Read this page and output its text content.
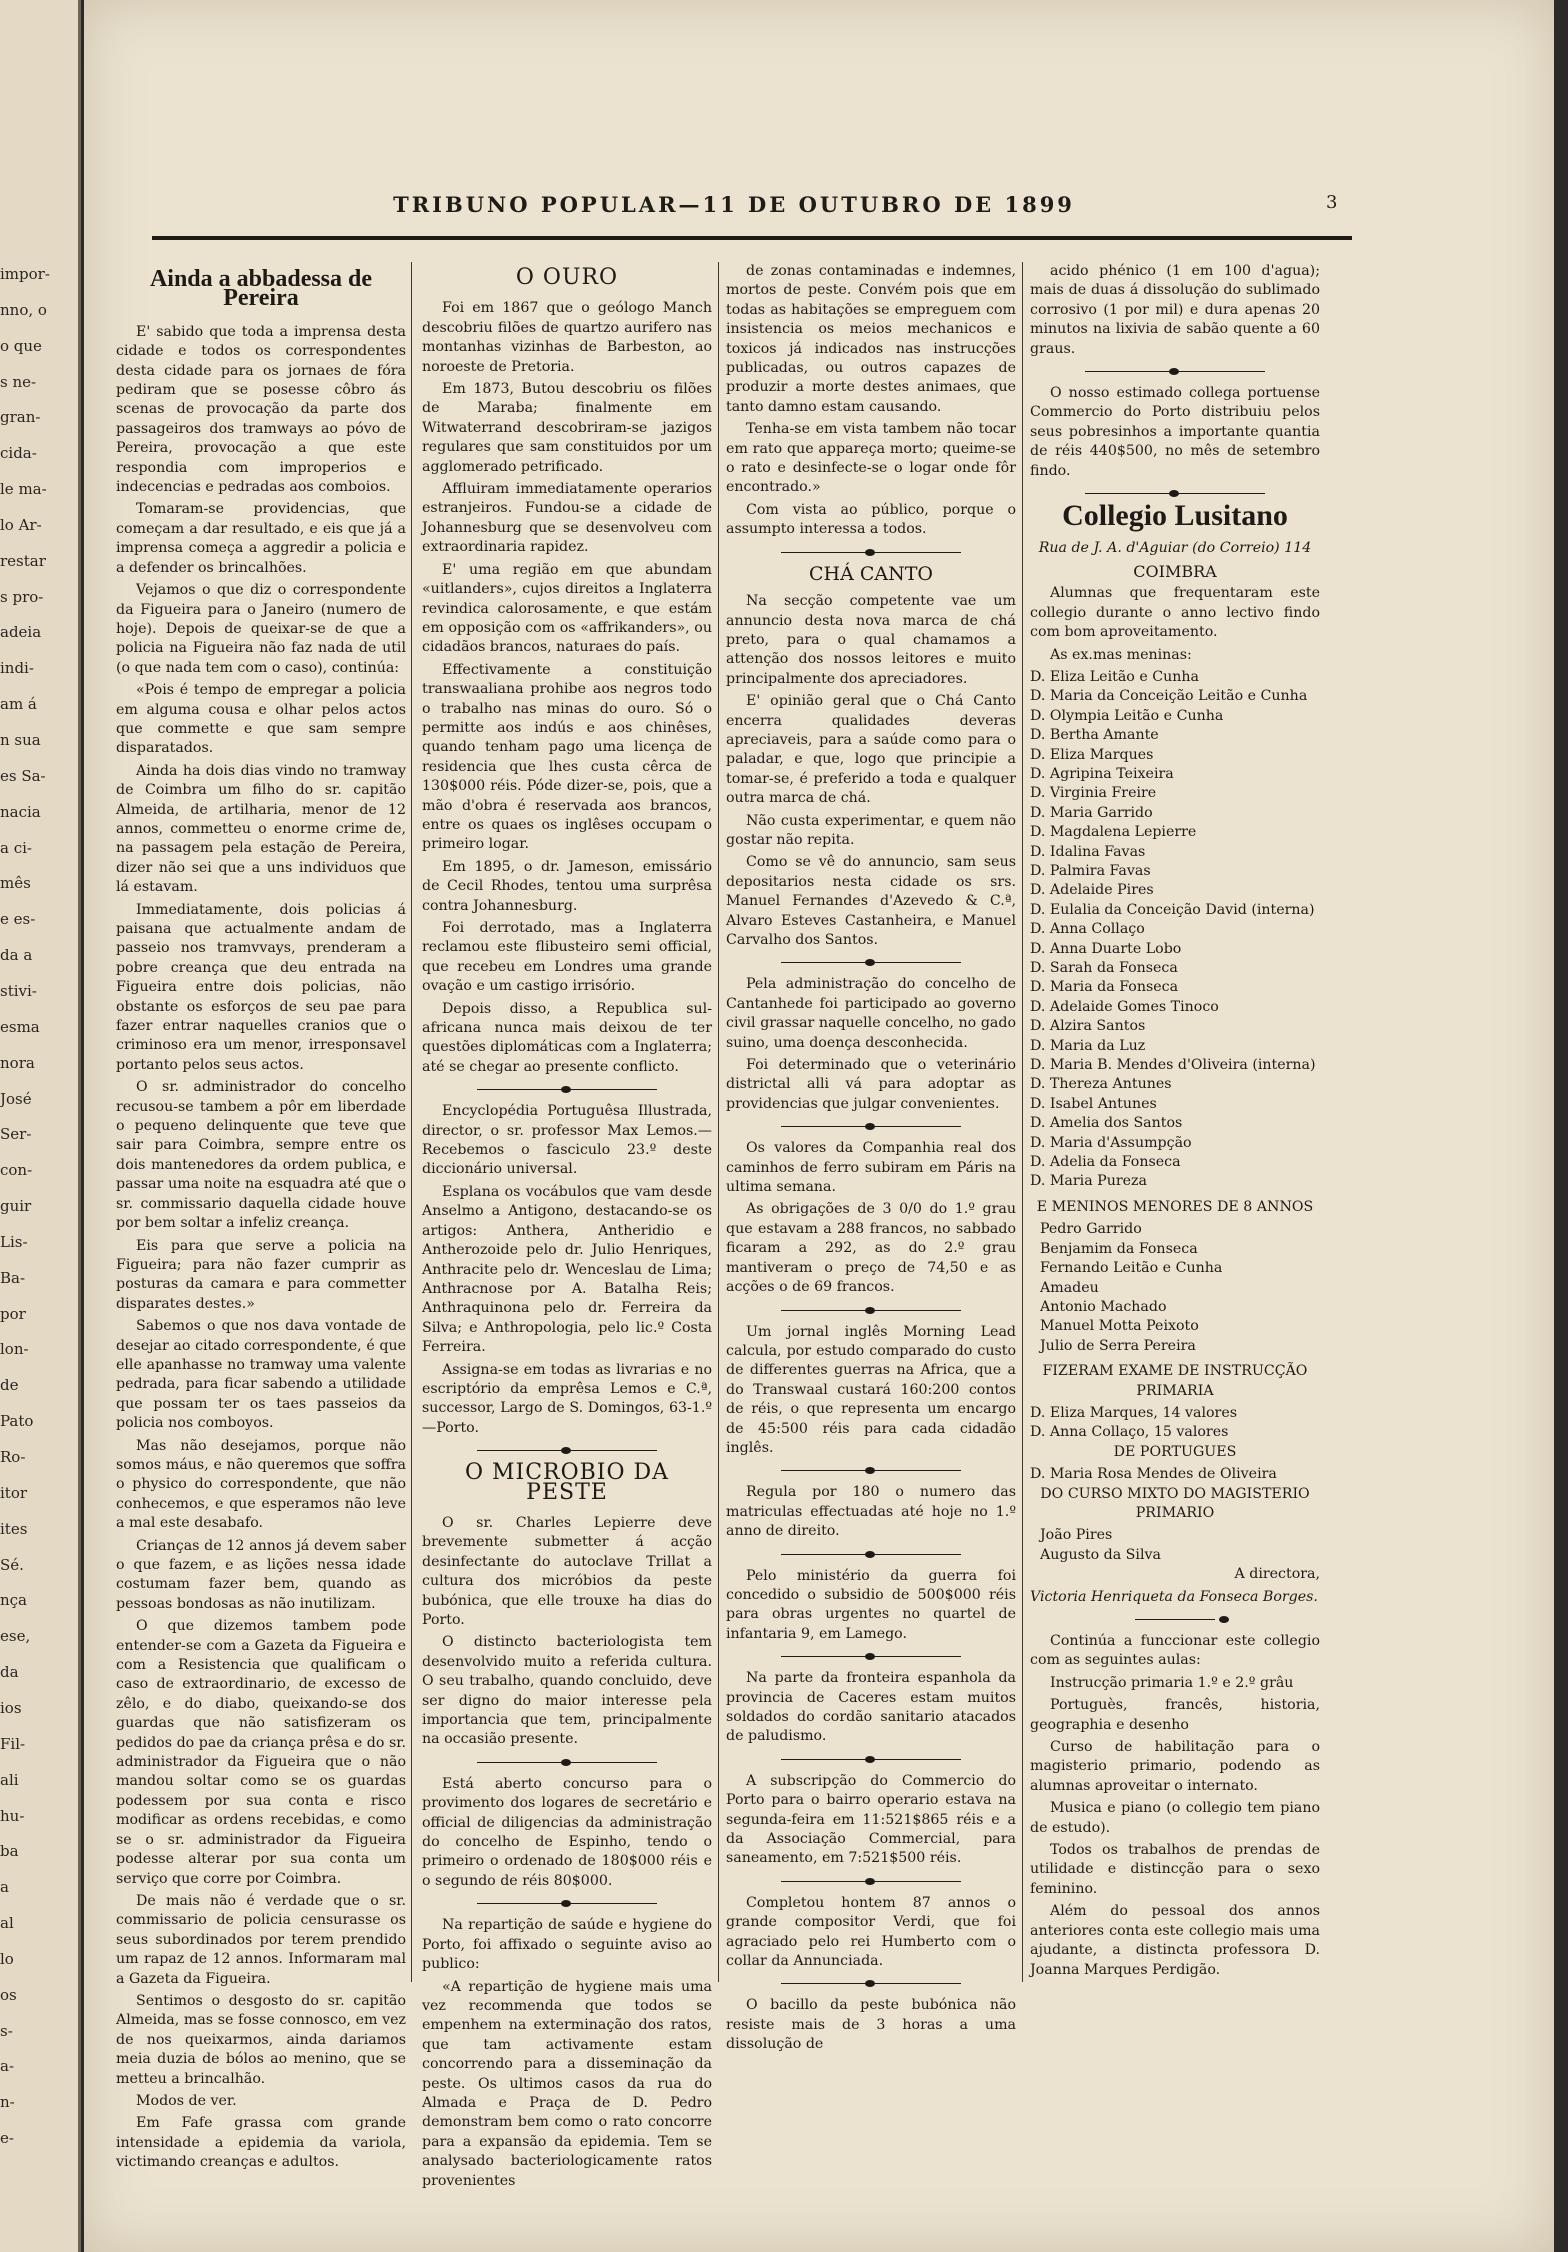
impor-
nno, o
o que
s ne-
gran-
cida-
le ma-
lo Ar-
restar
s pro-
adeia
indi-
am á
n sua
es Sa-
nacia
a ci-
mês
e es-
da a
stivi-
esma
nora
José
Ser-
con-
guir
Lis-
Ba-
por
lon-
de
Pato
Ro-
itor
ites
Sé.
nça
ese,
da
ios
Fil-
ali
hu-
ba
a
al
lo
os
s-
a-
n-
e-
TRIBUNO POPULAR—11 DE OUTUBRO DE 1899	3
Ainda a abbadessa de Pereira

E' sabido que toda a imprensa desta cidade e todos os correspondentes desta cidade para os jornaes de fóra pediram que se posesse côbro ás scenas de provocação da parte dos passageiros dos tramways ao póvo de Pereira, provocação a que este respondia com improperios e indecencias e pedradas aos comboios.

Tomaram-se providencias, que começam a dar resultado, e eis que já a imprensa começa a aggredir a policia e a defender os brincalhões.

Vejamos o que diz o correspondente da Figueira para o Janeiro (numero de hoje). Depois de queixar-se de que a policia na Figueira não faz nada de util (o que nada tem com o caso), continúa:

«Pois é tempo de empregar a policia em alguma cousa e olhar pelos actos que commette e que sam sempre disparatados.

Ainda ha dois dias vindo no tramway de Coimbra um filho do sr. capitão Almeida, de artilharia, menor de 12 annos, commetteu o enorme crime de, na passagem pela estação de Pereira, dizer não sei que a uns individuos que lá estavam.

Immediatamente, dois policias á paisana que actualmente andam de passeio nos tramvvays, prenderam a pobre creança que deu entrada na Figueira entre dois policias, não obstante os esforços de seu pae para fazer entrar naquelles cranios que o criminoso era um menor, irresponsavel portanto pelos seus actos.

O sr. administrador do concelho recusou-se tambem a pôr em liberdade o pequeno delinquente que teve que sair para Coimbra, sempre entre os dois mantenedores da ordem publica, e passar uma noite na esquadra até que o sr. commissario daquella cidade houve por bem soltar a infeliz creança.

Eis para que serve a policia na Figueira; para não fazer cumprir as posturas da camara e para commetter disparates destes.»

Sabemos o que nos dava vontade de desejar ao citado correspondente, é que elle apanhasse no tramway uma valente pedrada, para ficar sabendo a utilidade que possam ter os taes passeios da policia nos comboyos.

Mas não desejamos, porque não somos máus, e não queremos que soffra o physico do correspondente, que não conhecemos, e que esperamos não leve a mal este desabafo.

Crianças de 12 annos já devem saber o que fazem, e as lições nessa idade costumam fazer bem, quando as pessoas bondosas as não inutilizam.

O que dizemos tambem pode entender-se com a Gazeta da Figueira e com a Resistencia que qualificam o caso de extraordinario, de excesso de zêlo, e do diabo, queixando-se dos guardas que não satisfizeram os pedidos do pae da criança prêsa e do sr. administrador da Figueira que o não mandou soltar como se os guardas podessem por sua conta e risco modificar as ordens recebidas, e como se o sr. administrador da Figueira podesse alterar por sua conta um serviço que corre por Coimbra.

De mais não é verdade que o sr. commissario de policia censurasse os seus subordinados por terem prendido um rapaz de 12 annos. Informaram mal a Gazeta da Figueira.

Sentimos o desgosto do sr. capitão Almeida, mas se fosse connosco, em vez de nos queixarmos, ainda dariamos meia duzia de bólos ao menino, que se metteu a brincalhão.

Modos de ver.

Em Fafe grassa com grande intensidade a epidemia da variola, victimando creanças e adultos.

O OURO

Foi em 1867 que o geólogo Manch descobriu filões de quartzo aurifero nas montanhas vizinhas de Barbeston, ao noroeste de Pretoria.

Em 1873, Butou descobriu os filões de Maraba; finalmente em Witwaterrand descobriram-se jazigos regulares que sam constituidos por um agglomerado petrificado.

Affluiram immediatamente operarios estranjeiros. Fundou-se a cidade de Johannesburg que se desenvolveu com extraordinaria rapidez.

E' uma região em que abundam «uitlanders», cujos direitos a Inglaterra revindica calorosamente, e que estám em opposição com os «affrikanders», ou cidadãos brancos, naturaes do país.

Effectivamente a constituição transwaaliana prohibe aos negros todo o trabalho nas minas do ouro. Só o permitte aos indús e aos chinêses, quando tenham pago uma licença de residencia que lhes custa cêrca de 130$000 réis. Póde dizer-se, pois, que a mão d'obra é reservada aos brancos, entre os quaes os inglêses occupam o primeiro logar.

Em 1895, o dr. Jameson, emissário de Cecil Rhodes, tentou uma surprêsa contra Johannesburg.

Foi derrotado, mas a Inglaterra reclamou este flibusteiro semi official, que recebeu em Londres uma grande ovação e um castigo irrisório.

Depois disso, a Republica sul-africana nunca mais deixou de ter questões diplomáticas com a Inglaterra; até se chegar ao presente conflicto.

Encyclopédia Portuguêsa Illustrada, director, o sr. professor Max Lemos.—Recebemos o fasciculo 23.º deste diccionário universal.

Esplana os vocábulos que vam desde Anselmo a Antigono, destacando-se os artigos: Anthera, Antheridio e Antherozoide pelo dr. Julio Henriques, Anthracite pelo dr. Wenceslau de Lima; Anthracnose por A. Batalha Reis; Anthraquinona pelo dr. Ferreira da Silva; e Anthropologia, pelo lic.º Costa Ferreira.

Assigna-se em todas as livrarias e no escriptório da emprêsa Lemos e C.ª, successor, Largo de S. Domingos, 63-1.º—Porto.

O MICROBIO DA PESTE

O sr. Charles Lepierre deve brevemente submetter á acção desinfectante do autoclave Trillat a cultura dos micróbios da peste bubónica, que elle trouxe ha dias do Porto.

O distincto bacteriologista tem desenvolvido muito a referida cultura. O seu trabalho, quando concluido, deve ser digno do maior interesse pela importancia que tem, principalmente na occasião presente.

Está aberto concurso para o provimento dos logares de secretário e official de diligencias da administração do concelho de Espinho, tendo o primeiro o ordenado de 180$000 réis e o segundo de réis 80$000.

Na repartição de saúde e hygiene do Porto, foi affixado o seguinte aviso ao publico:

«A repartição de hygiene mais uma vez recommenda que todos se empenhem na exterminação dos ratos, que tam activamente estam concorrendo para a disseminação da peste. Os ultimos casos da rua do Almada e Praça de D. Pedro demonstram bem como o rato concorre para a expansão da epidemia. Tem se analysado bacteriologicamente ratos provenientes

de zonas contaminadas e indemnes, mortos de peste. Convém pois que em todas as habitações se empreguem com insistencia os meios mechanicos e toxicos já indicados nas instrucções publicadas, ou outros capazes de produzir a morte destes animaes, que tanto damno estam causando.

Tenha-se em vista tambem não tocar em rato que appareça morto; queime-se o rato e desinfecte-se o logar onde fôr encontrado.»

Com vista ao público, porque o assumpto interessa a todos.

CHÁ CANTO

Na secção competente vae um annuncio desta nova marca de chá preto, para o qual chamamos a attenção dos nossos leitores e muito principalmente dos apreciadores.

E' opinião geral que o Chá Canto encerra qualidades deveras apreciaveis, para a saúde como para o paladar, e que, logo que principie a tomar-se, é preferido a toda e qualquer outra marca de chá.

Não custa experimentar, e quem não gostar não repita.

Como se vê do annuncio, sam seus depositarios nesta cidade os srs. Manuel Fernandes d'Azevedo & C.ª, Alvaro Esteves Castanheira, e Manuel Carvalho dos Santos.

Pela administração do concelho de Cantanhede foi participado ao governo civil grassar naquelle concelho, no gado suino, uma doença desconhecida.

Foi determinado que o veterinário districtal alli vá para adoptar as providencias que julgar convenientes.

Os valores da Companhia real dos caminhos de ferro subiram em Páris na ultima semana.

As obrigações de 3 0/0 do 1.º grau que estavam a 288 francos, no sabbado ficaram a 292, as do 2.º grau mantiveram o preço de 74,50 e as acções o de 69 francos.

Um jornal inglês Morning Lead calcula, por estudo comparado do custo de differentes guerras na Africa, que a do Transwaal custará 160:200 contos de réis, o que representa um encargo de 45:500 réis para cada cidadão inglês.

Regula por 180 o numero das matriculas effectuadas até hoje no 1.º anno de direito.

Pelo ministério da guerra foi concedido o subsidio de 500$000 réis para obras urgentes no quartel de infantaria 9, em Lamego.

Na parte da fronteira espanhola da provincia de Caceres estam muitos soldados do cordão sanitario atacados de paludismo.

A subscripção do Commercio do Porto para o bairro operario estava na segunda-feira em 11:521$865 réis e a da Associação Commercial, para saneamento, em 7:521$500 réis.

Completou hontem 87 annos o grande compositor Verdi, que foi agraciado pelo rei Humberto com o collar da Annunciada.

O bacillo da peste bubónica não resiste mais de 3 horas a uma dissolução de

acido phénico (1 em 100 d'agua); mais de duas á dissolução do sublimado corrosivo (1 por mil) e dura apenas 20 minutos na lixivia de sabão quente a 60 graus.

O nosso estimado collega portuense Commercio do Porto distribuiu pelos seus pobresinhos a importante quantia de réis 440$500, no mês de setembro findo.

Collegio Lusitano

Rua de J. A. d'Aguiar (do Correio) 114

COIMBRA

Alumnas que frequentaram este collegio durante o anno lectivo findo com bom aproveitamento.

As ex.mas meninas:

D. Eliza Leitão e Cunha
D. Maria da Conceição Leitão e Cunha
D. Olympia Leitão e Cunha
D. Bertha Amante
D. Eliza Marques
D. Agripina Teixeira
D. Virginia Freire
D. Maria Garrido
D. Magdalena Lepierre
D. Idalina Favas
D. Palmira Favas
D. Adelaide Pires
D. Eulalia da Conceição David (interna)
D. Anna Collaço
D. Anna Duarte Lobo
D. Sarah da Fonseca
D. Maria da Fonseca
D. Adelaide Gomes Tinoco
D. Alzira Santos
D. Maria da Luz
D. Maria B. Mendes d'Oliveira (interna)
D. Thereza Antunes
D. Isabel Antunes
D. Amelia dos Santos
D. Maria d'Assumpção
D. Adelia da Fonseca
D. Maria Pureza

E MENINOS MENORES DE 8 ANNOS

Pedro Garrido
Benjamim da Fonseca
Fernando Leitão e Cunha
Amadeu
Antonio Machado
Manuel Motta Peixoto
Julio de Serra Pereira

FIZERAM EXAME DE INSTRUCÇÃO PRIMARIA

D. Eliza Marques, 14 valores
D. Anna Collaço, 15 valores

DE PORTUGUES

D. Maria Rosa Mendes de Oliveira

DO CURSO MIXTO DO MAGISTERIO PRIMARIO

João Pires
Augusto da Silva

A directora,

Victoria Henriqueta da Fonseca Borges.

Continúa a funccionar este collegio com as seguintes aulas:

Instrucção primaria 1.º e 2.º grâu

Portuguès, francês, historia, geographia e desenho

Curso de habilitação para o magisterio primario, podendo as alumnas aproveitar o internato.

Musica e piano (o collegio tem piano de estudo).

Todos os trabalhos de prendas de utilidade e distincção para o sexo feminino.

Além do pessoal dos annos anteriores conta este collegio mais uma ajudante, a distincta professora D. Joanna Marques Perdigão.
